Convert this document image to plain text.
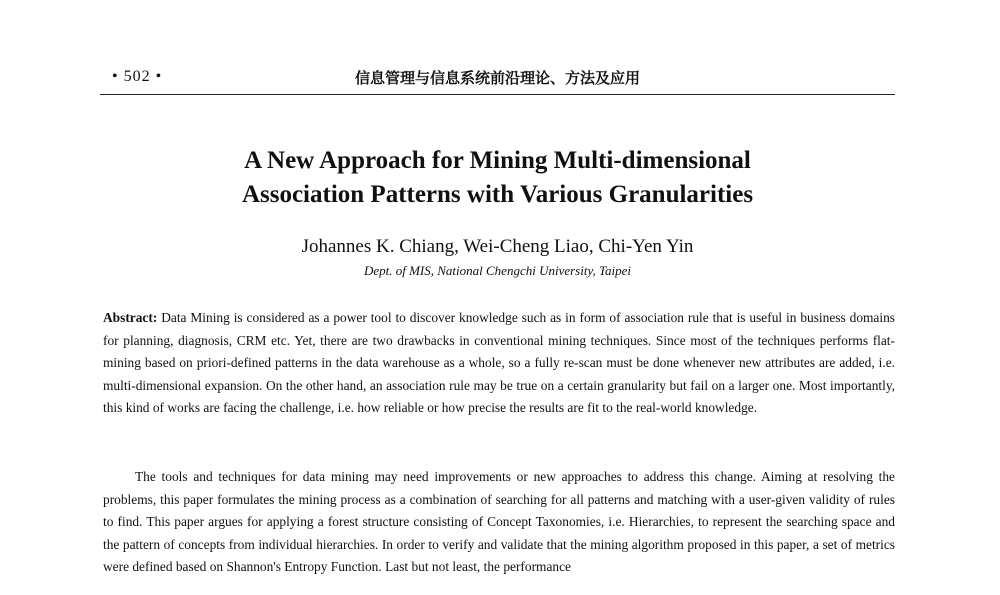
• 502 •	信息管理与信息系统前沿理论、方法及应用
A New Approach for Mining Multi-dimensional
Association Patterns with Various Granularities
Johannes K. Chiang, Wei-Cheng Liao, Chi-Yen Yin
Dept. of MIS, National Chengchi University, Taipei
Abstract: Data Mining is considered as a power tool to discover knowledge such as in form of association rule that is useful in business domains for planning, diagnosis, CRM etc. Yet, there are two drawbacks in conventional mining techniques. Since most of the techniques performs flat-mining based on priori-defined patterns in the data warehouse as a whole, so a fully re-scan must be done whenever new attributes are added, i.e. multi-dimensional expansion. On the other hand, an association rule may be true on a certain granularity but fail on a larger one. Most importantly, this kind of works are facing the challenge, i.e. how reliable or how precise the results are fit to the real-world knowledge.
The tools and techniques for data mining may need improvements or new approaches to address this change. Aiming at resolving the problems, this paper formulates the mining process as a combination of searching for all patterns and matching with a user-given validity of rules to find. This paper argues for applying a forest structure consisting of Concept Taxonomies, i.e. Hierarchies, to represent the searching space and the pattern of concepts from individual hierarchies. In order to verify and validate that the mining algorithm proposed in this paper, a set of metrics were defined based on Shannon's Entropy Function. Last but not least, the performance
